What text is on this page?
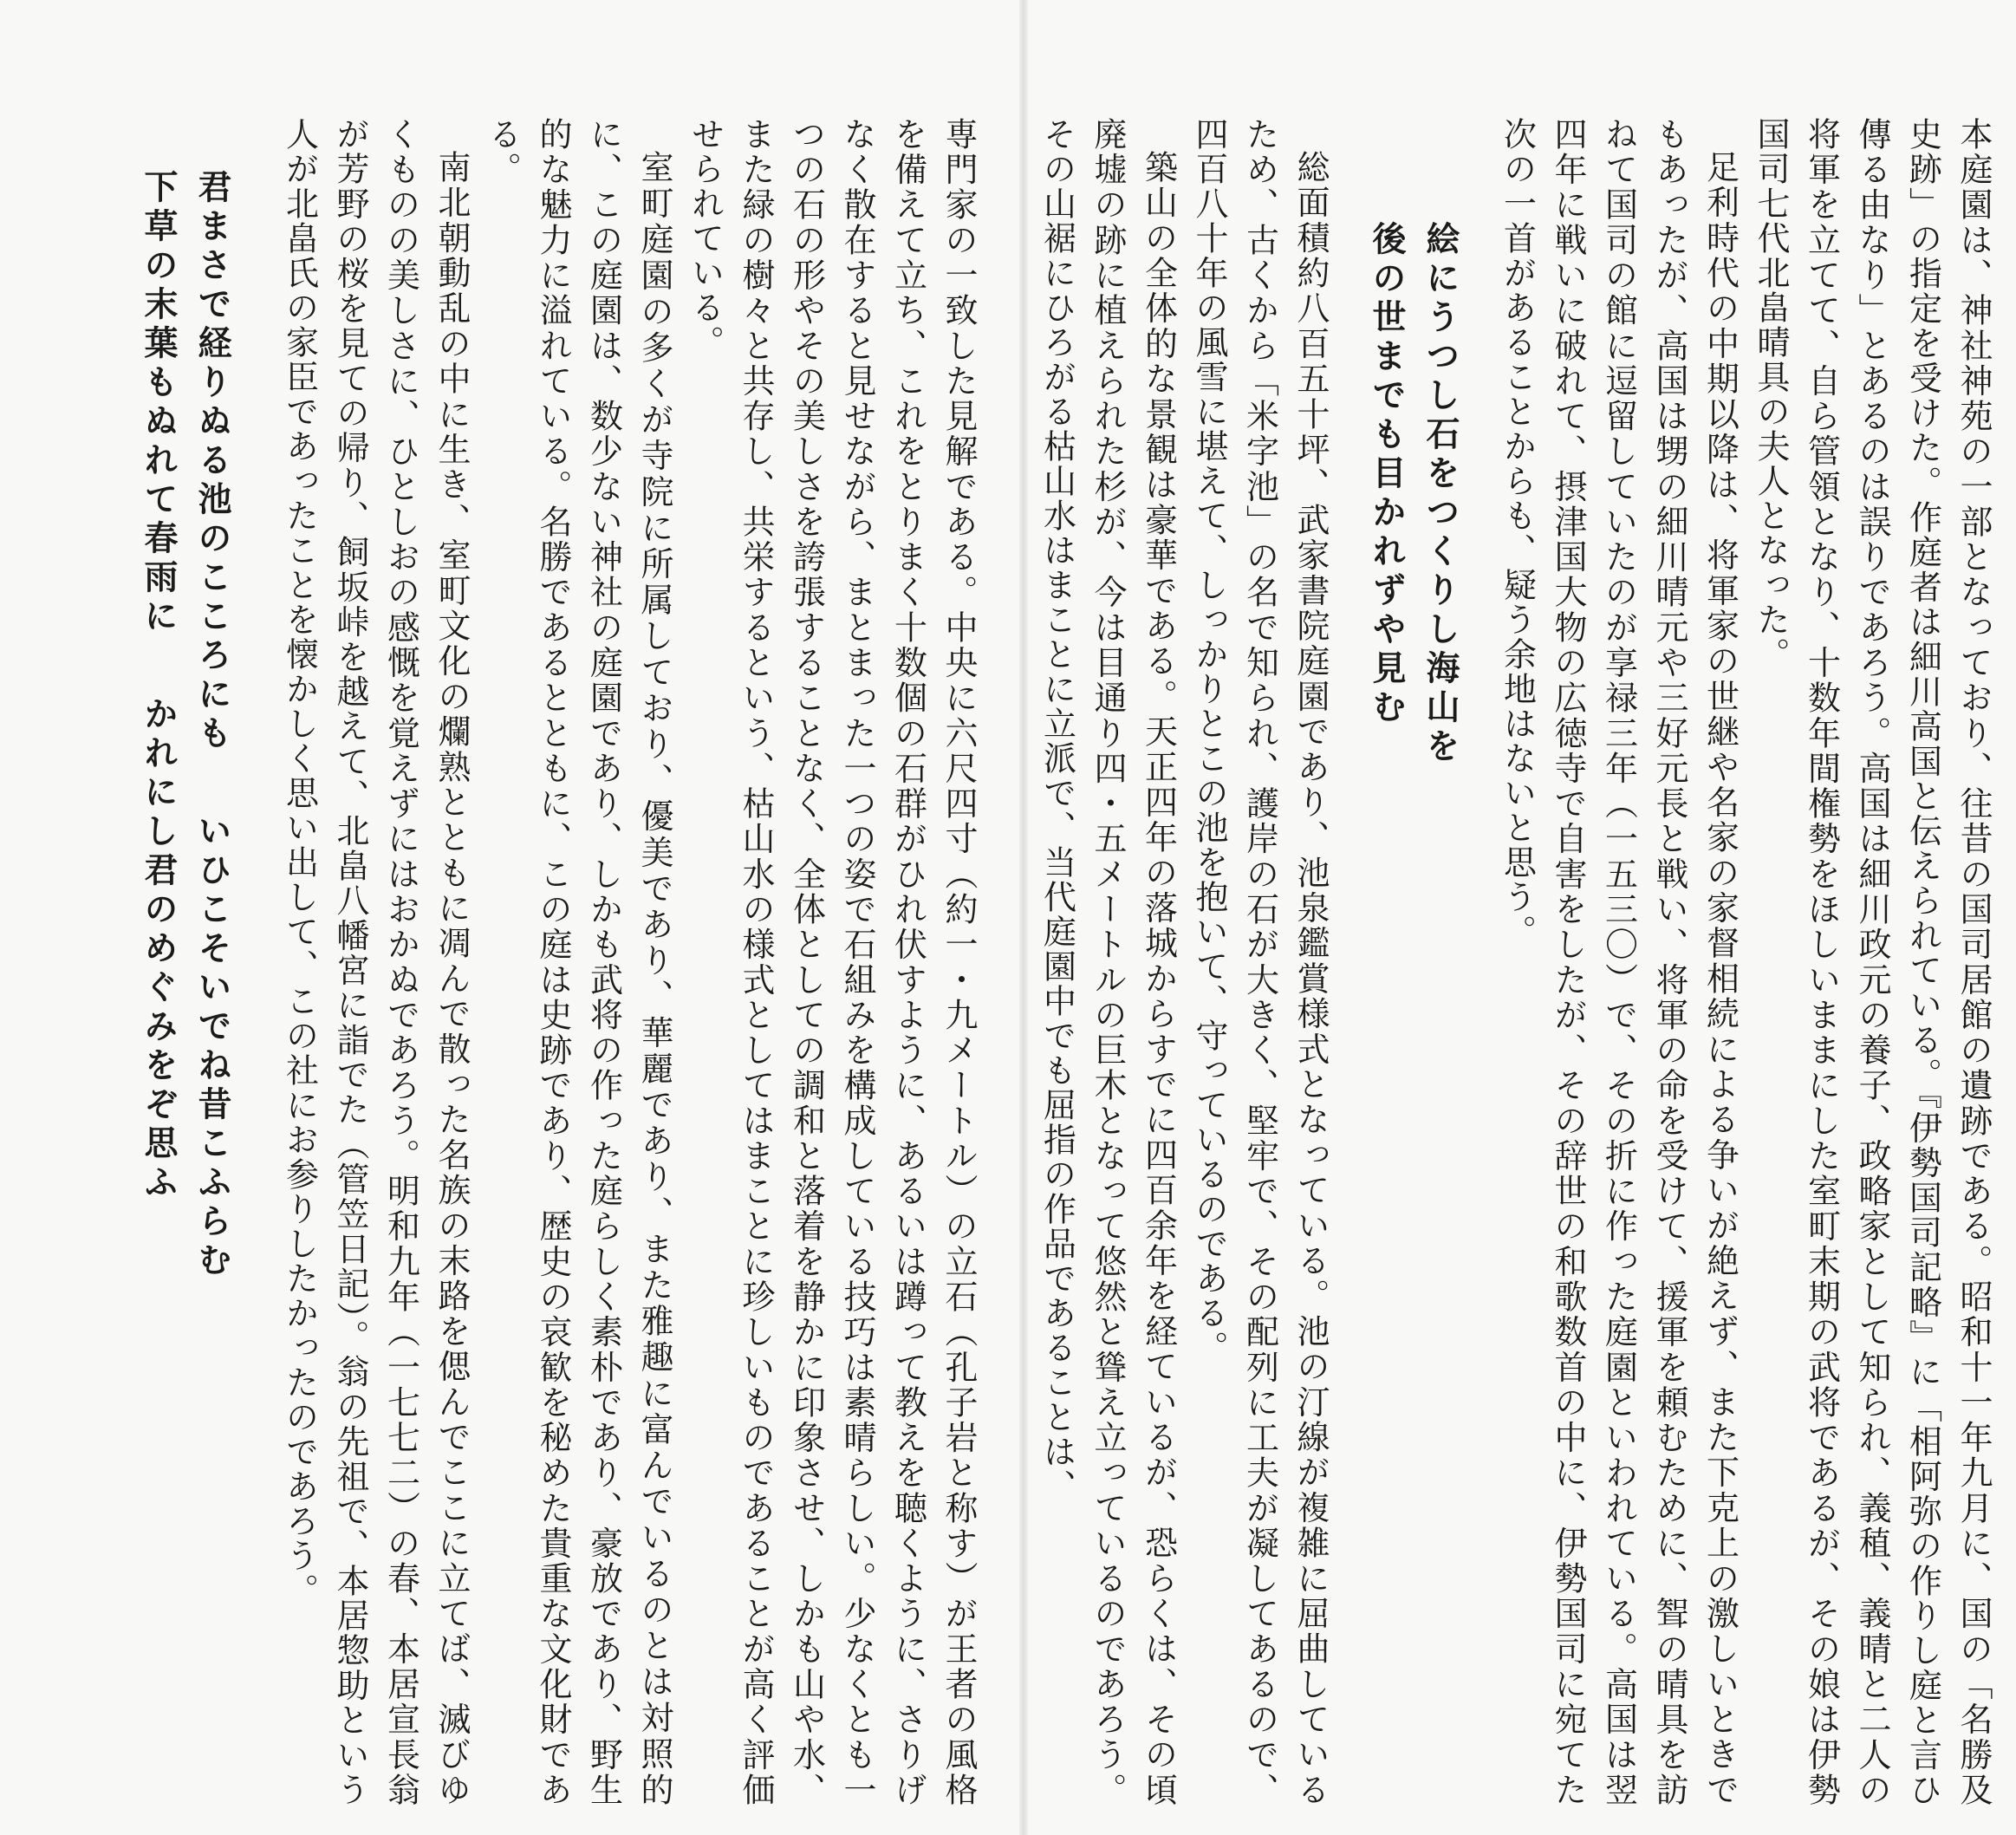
本庭園は、神社神苑の一部となっており、往昔の国司居館の遺跡である。昭和十一年九月に、国の「名勝及史跡」の指定を受けた。作庭者は細川高国と伝えられている。『伊勢国司記略』に「相阿弥の作りし庭と言ひ傳る由なり」とあるのは誤りであろう。高国は細川政元の養子、政略家として知られ、義稙、義晴と二人の将軍を立てて、自ら管領となり、十数年間権勢をほしいままにした室町末期の武将であるが、その娘は伊勢国司七代北畠晴具の夫人となった。

足利時代の中期以降は、将軍家の世継や名家の家督相続による争いが絶えず、また下克上の激しいときでもあったが、高国は甥の細川晴元や三好元長と戦い、将軍の命を受けて、援軍を頼むために、聟の晴具を訪ねて国司の館に逗留していたのが享禄三年（一五三〇）で、その折に作った庭園といわれている。高国は翌四年に戦いに破れて、摂津国大物の広徳寺で自害をしたが、その辞世の和歌数首の中に、伊勢国司に宛てた次の一首があることからも、疑う余地はないと思う。

絵にうつし石をつくりし海山を
後の世までも目かれずや見む

総面積約八百五十坪、武家書院庭園であり、池泉鑑賞様式となっている。池の汀線が複雑に屈曲しているため、古くから「米字池」の名で知られ、護岸の石が大きく、堅牢で、その配列に工夫が凝してあるので、四百八十年の風雪に堪えて、しっかりとこの池を抱いて、守っているのである。

築山の全体的な景観は豪華である。天正四年の落城からすでに四百余年を経ているが、恐らくは、その頃廃墟の跡に植えられた杉が、今は目通り四・五メートルの巨木となって悠然と聳え立っているのであろう。その山裾にひろがる枯山水はまことに立派で、当代庭園中でも屈指の作品であることは、

専門家の一致した見解である。中央に六尺四寸（約一・九メートル）の立石（孔子岩と称す）が王者の風格を備えて立ち、これをとりまく十数個の石群がひれ伏すように、あるいは蹲って教えを聴くように、さりげなく散在すると見せながら、まとまった一つの姿で石組みを構成している技巧は素晴らしい。少なくとも一つの石の形やその美しさを誇張することなく、全体としての調和と落着を静かに印象させ、しかも山や水、また緑の樹々と共存し、共栄するという、枯山水の様式としてはまことに珍しいものであることが高く評価せられている。

室町庭園の多くが寺院に所属しており、優美であり、華麗であり、また雅趣に富んでいるのとは対照的に、この庭園は、数少ない神社の庭園であり、しかも武将の作った庭らしく素朴であり、豪放であり、野生的な魅力に溢れている。名勝であるとともに、この庭は史跡であり、歴史の哀歓を秘めた貴重な文化財である。

南北朝動乱の中に生き、室町文化の爛熟とともに凋んで散った名族の末路を偲んでここに立てば、滅びゆくものの美しさに、ひとしおの感慨を覚えずにはおかぬであろう。明和九年（一七七二）の春、本居宣長翁が芳野の桜を見ての帰り、飼坂峠を越えて、北畠八幡宮に詣でた（管笠日記）。翁の先祖で、本居惣助という人が北畠氏の家臣であったことを懐かしく思い出して、この社にお参りしたかったのであろう。

君まさで経りぬる池のこころにもいひこそいでね昔こふらむ
下草の末葉もぬれて春雨にかれにし君のめぐみをぞ思ふ
